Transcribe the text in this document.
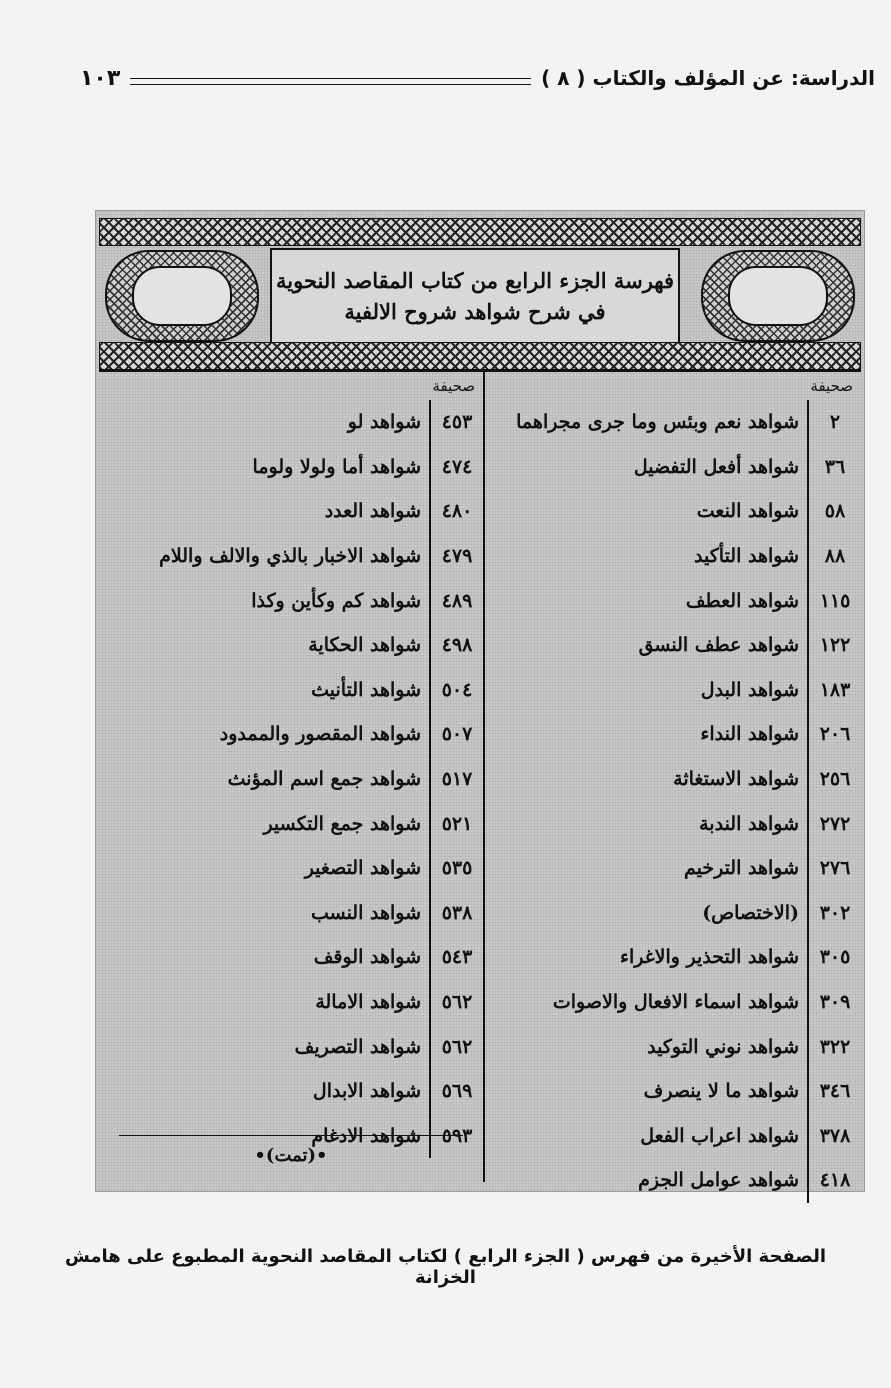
الدراسة: عن المؤلف والكتاب ( ٨ )
١٠٣
فهرسة الجزء الرابع من كتاب المقاصد النحوية
في شرح شواهد شروح الالفية
صحيفة
٢
شواهد نعم وبئس وما جرى مجراهما
٣٦
شواهد أفعل التفضيل
٥٨
شواهد النعت
٨٨
شواهد التأكيد
١١٥
شواهد العطف
١٢٢
شواهد عطف النسق
١٨٣
شواهد البدل
٢٠٦
شواهد النداء
٢٥٦
شواهد الاستغاثة
٢٧٢
شواهد الندبة
٢٧٦
شواهد الترخيم
٣٠٢
(الاختصاص)
٣٠٥
شواهد التحذير والاغراء
٣٠٩
شواهد اسماء الافعال والاصوات
٣٢٢
شواهد نوني التوكيد
٣٤٦
شواهد ما لا ينصرف
٣٧٨
شواهد اعراب الفعل
٤١٨
شواهد عوامل الجزم
صحيفة
٤٥٣
شواهد لو
٤٧٤
شواهد أما ولولا ولوما
٤٨٠
شواهد العدد
٤٧٩
شواهد الاخبار بالذي والالف واللام
٤٨٩
شواهد كم وكأين وكذا
٤٩٨
شواهد الحكاية
٥٠٤
شواهد التأنيث
٥٠٧
شواهد المقصور والممدود
٥١٧
شواهد جمع اسم المؤنث
٥٢١
شواهد جمع التكسير
٥٣٥
شواهد التصغير
٥٣٨
شواهد النسب
٥٤٣
شواهد الوقف
٥٦٢
شواهد الامالة
٥٦٢
شواهد التصريف
٥٦٩
شواهد الابدال
٥٩٣
شواهد الادغام
•(تمت)•
الصفحة الأخيرة من فهرس ( الجزء الرابع ) لكتاب المقاصد النحوية المطبوع على هامش الخزانة
